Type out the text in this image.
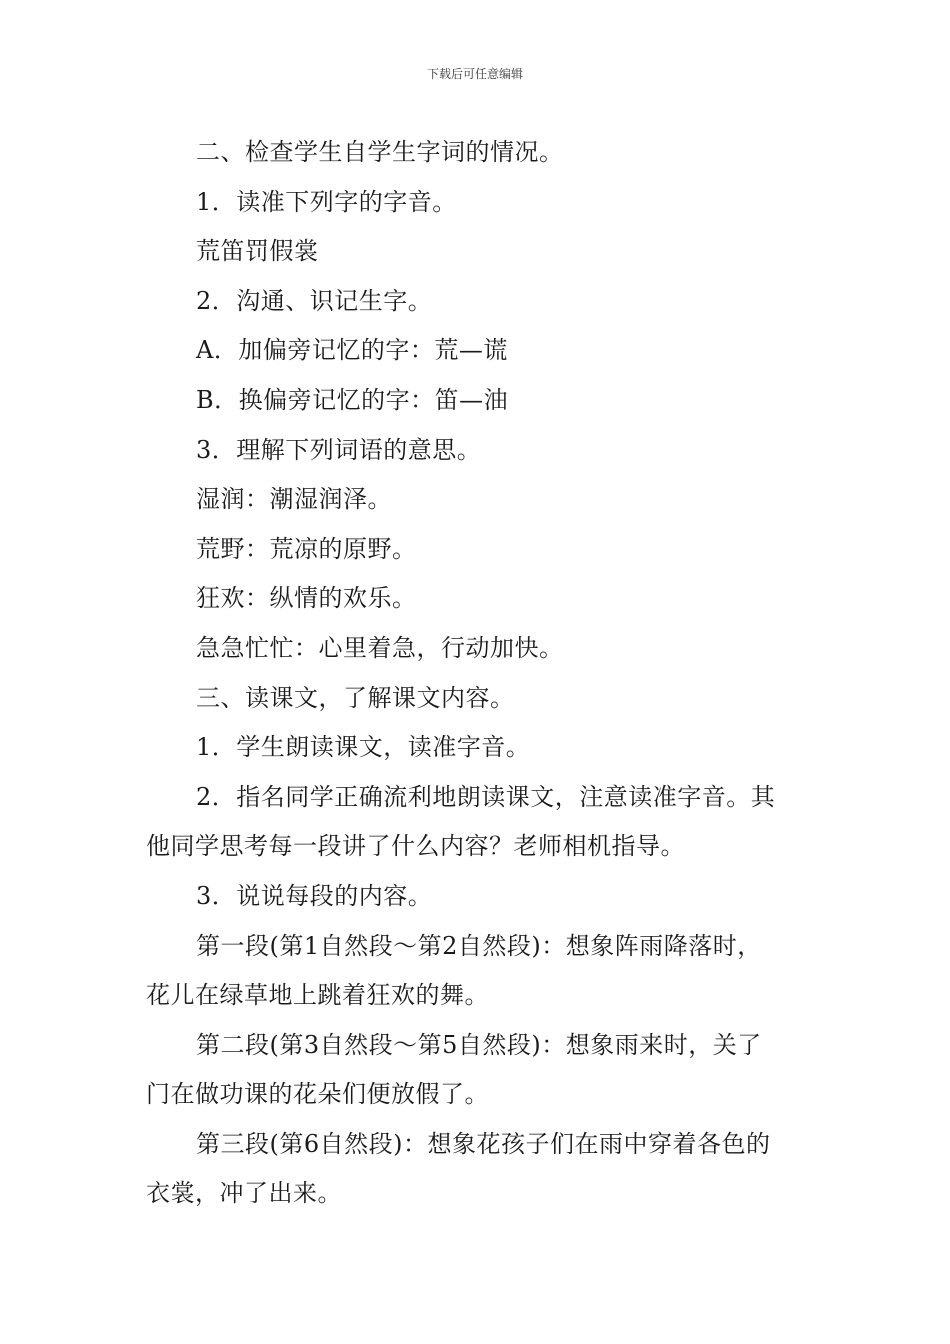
下载后可任意编辑
二、检查学生自学生字词的情况。
1．读准下列字的字音。
荒笛罚假裳
2．沟通、识记生字。
A．加偏旁记忆的字：荒—谎
B．换偏旁记忆的字：笛—油
3．理解下列词语的意思。
湿润：潮湿润泽。
荒野：荒凉的原野。
狂欢：纵情的欢乐。
急急忙忙：心里着急，行动加快。
三、读课文，了解课文内容。
1．学生朗读课文，读准字音。
2．指名同学正确流利地朗读课文，注意读准字音。其
他同学思考每一段讲了什么内容？老师相机指导。
3．说说每段的内容。
第一段(第1自然段～第2自然段)：想象阵雨降落时，
花儿在绿草地上跳着狂欢的舞。
第二段(第3自然段～第5自然段)：想象雨来时，关了
门在做功课的花朵们便放假了。
第三段(第6自然段)：想象花孩子们在雨中穿着各色的
衣裳，冲了出来。
